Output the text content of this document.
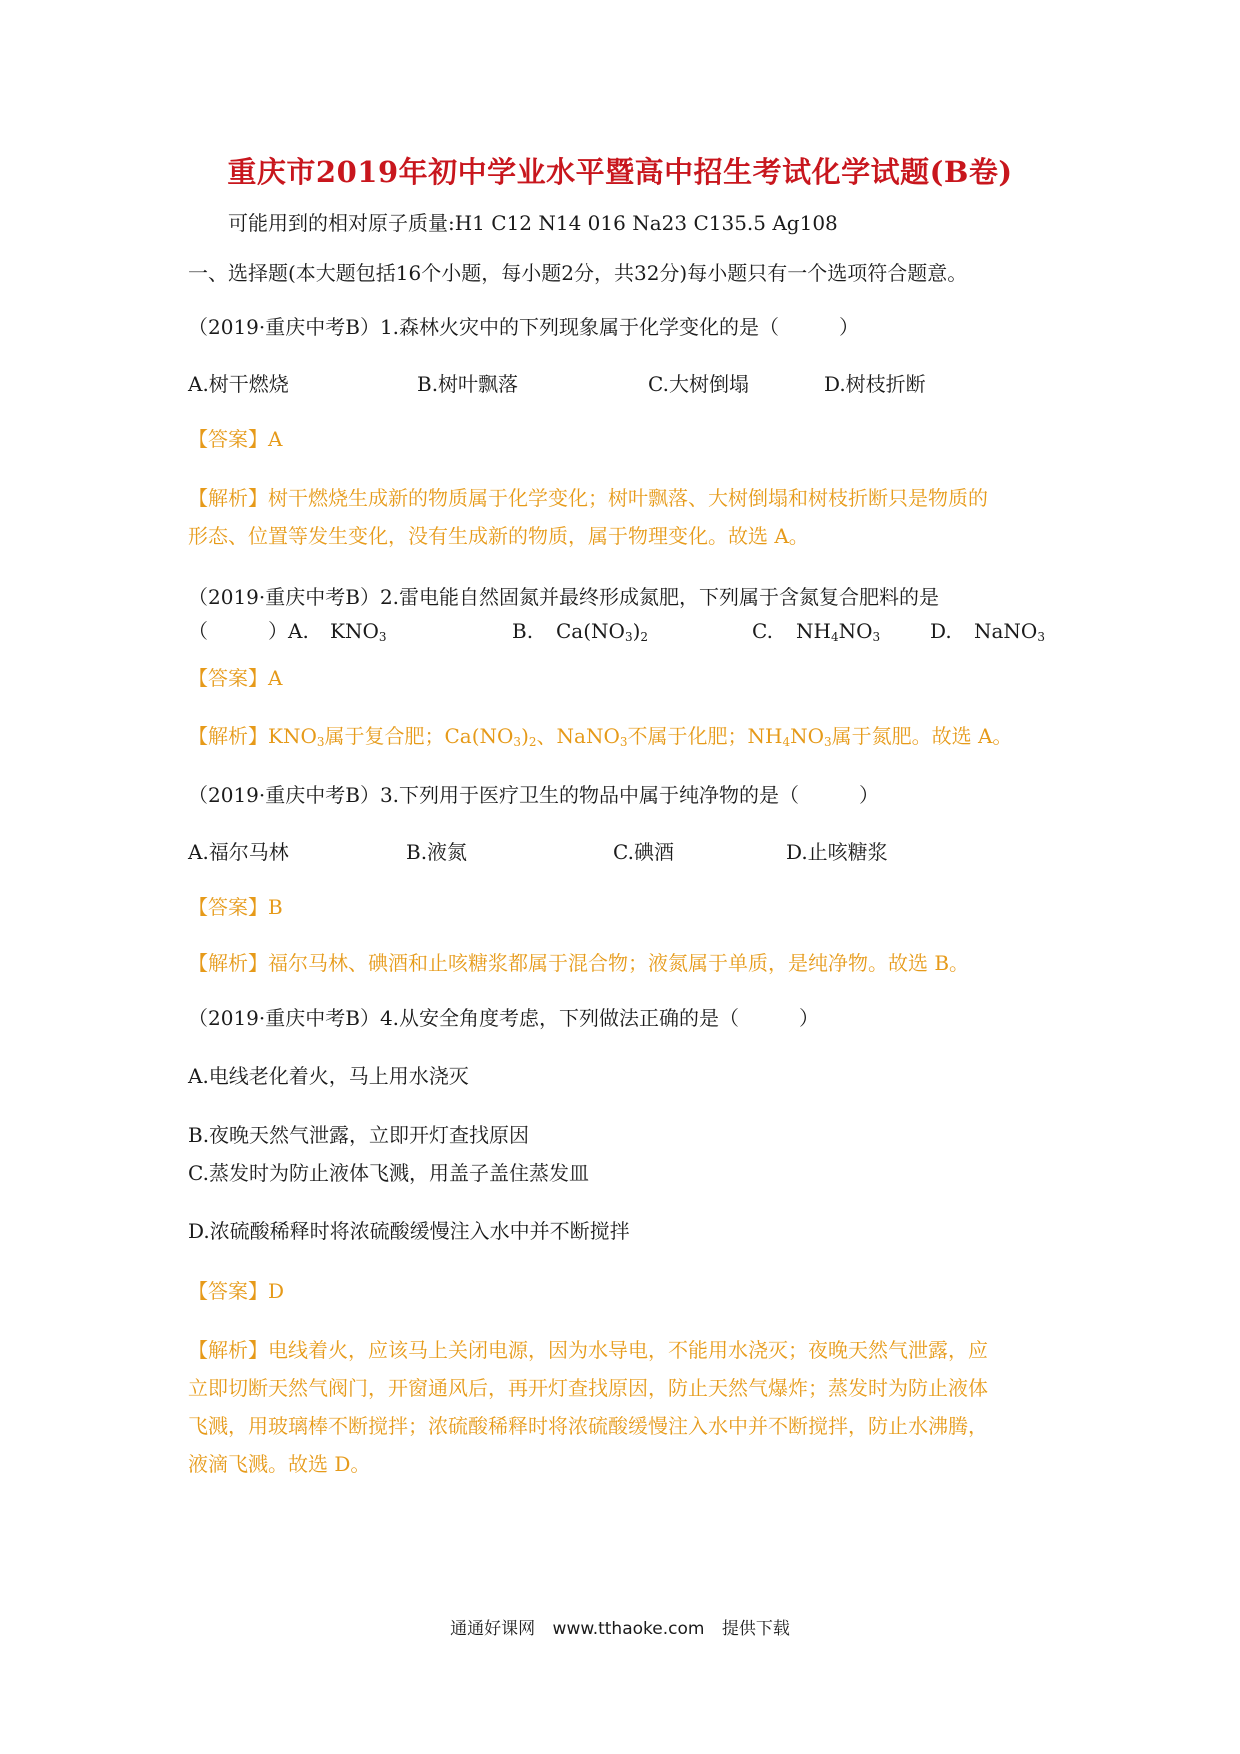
重庆市2019年初中学业水平暨高中招生考试化学试题(B卷)
可能用到的相对原子质量:H1 C12 N14 016 Na23 C135.5 Ag108
一、选择题(本大题包括16个小题，每小题2分，共32分)每小题只有一个选项符合题意。
（2019·重庆中考B）1.森林火灾中的下列现象属于化学变化的是（　　　）
A.树干燃烧	B.树叶飘落	C.大树倒塌	D.树枝折断
【答案】A
【解析】树干燃烧生成新的物质属于化学变化；树叶飘落、大树倒塌和树枝折断只是物质的
形态、位置等发生变化，没有生成新的物质，属于物理变化。故选 A。
（2019·重庆中考B）2.雷电能自然固氮并最终形成氮肥，下列属于含氮复合肥料的是
（　　　）A. $KNO_3$	B. $Ca(NO_3)_2$	C. $NH_4NO_3$ D. NaNO$_3$
【答案】A
【解析】$KNO_3$属于复合肥；$Ca(NO_3)_2$、NaNO$_3$不属于化肥；$NH_4NO_3$属于氮肥。故选 A。
（2019·重庆中考B）3.下列用于医疗卫生的物品中属于纯净物的是（　　　）
A.福尔马林	B.液氮	C.碘酒	D.止咳糖浆
【答案】B
【解析】福尔马林、碘酒和止咳糖浆都属于混合物；液氮属于单质，是纯净物。故选 B。
（2019·重庆中考B）4.从安全角度考虑，下列做法正确的是（　　　）
A.电线老化着火，马上用水浇灭
B.夜晚天然气泄露，立即开灯查找原因
C.蒸发时为防止液体飞溅，用盖子盖住蒸发皿
D.浓硫酸稀释时将浓硫酸缓慢注入水中并不断搅拌
【答案】D
【解析】电线着火，应该马上关闭电源，因为水导电，不能用水浇灭；夜晚天然气泄露，应
立即切断天然气阀门，开窗通风后，再开灯查找原因，防止天然气爆炸；蒸发时为防止液体
飞溅，用玻璃棒不断搅拌；浓硫酸稀释时将浓硫酸缓慢注入水中并不断搅拌，防止水沸腾，
液滴飞溅。故选 D。
通通好课网 www.tthaoke.com 提供下载
